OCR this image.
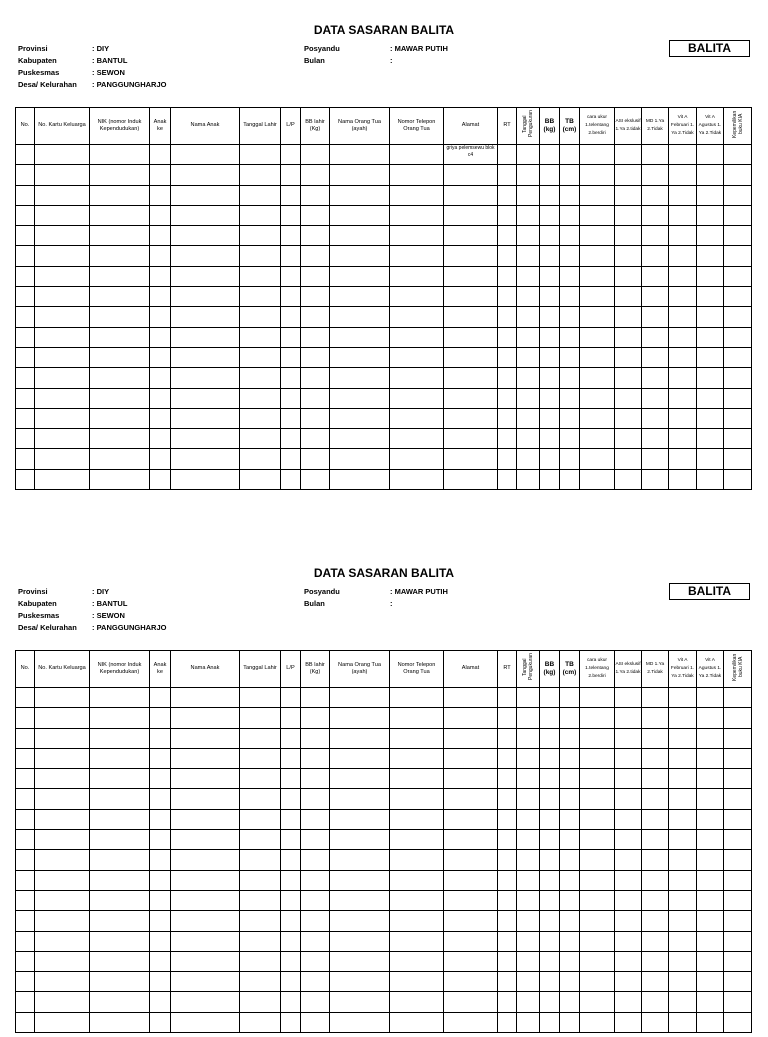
DATA SASARAN BALITA
Provinsi	: DIY
Kabupaten	: BANTUL
Puskesmas	: SEWON
Desa/ Kelurahan	: PANGGUNGHARJO
Posyandu	: MAWAR PUTIH
Bulan	:
BALITA
No.	No. Kartu Keluarga	NIK (nomor Induk Kependudukan)	Anak ke	Nama Anak	Tanggal Lahir	L/P	BB lahir (Kg)	Nama Orang Tua (ayah)	Nomor Telepon Orang Tua	Alamat	RT	Tanggal Pengukuran	BB (kg)	TB (cm)	cara ukur 1.telentang 2.berdiri	ASI ekslusif 1.Ya 2.tidak	MD 1.Ya 2.Tidak	Vit A Februari 1. Ya 2.Tidak	Vit A Agustus 1. Ya 2.Tidak	Kepemilikan buku KIA
										griya pelemsewu blok c4										

DATA SASARAN BALITA
Provinsi	: DIY
Kabupaten	: BANTUL
Puskesmas	: SEWON
Desa/ Kelurahan	: PANGGUNGHARJO
Posyandu	: MAWAR PUTIH
Bulan	:
BALITA
No.	No. Kartu Keluarga	NIK (nomor Induk Kependudukan)	Anak ke	Nama Anak	Tanggal Lahir	L/P	BB lahir (Kg)	Nama Orang Tua (ayah)	Nomor Telepon Orang Tua	Alamat	RT	Tanggal Pengukuran	BB (kg)	TB (cm)	cara ukur 1.telentang 2.berdiri	ASI ekslusif 1.Ya 2.tidak	MD 1.Ya 2.Tidak	Vit A Februari 1. Ya 2.Tidak	Vit A Agustus 1. Ya 2.Tidak	Kepemilikan buku KIA
